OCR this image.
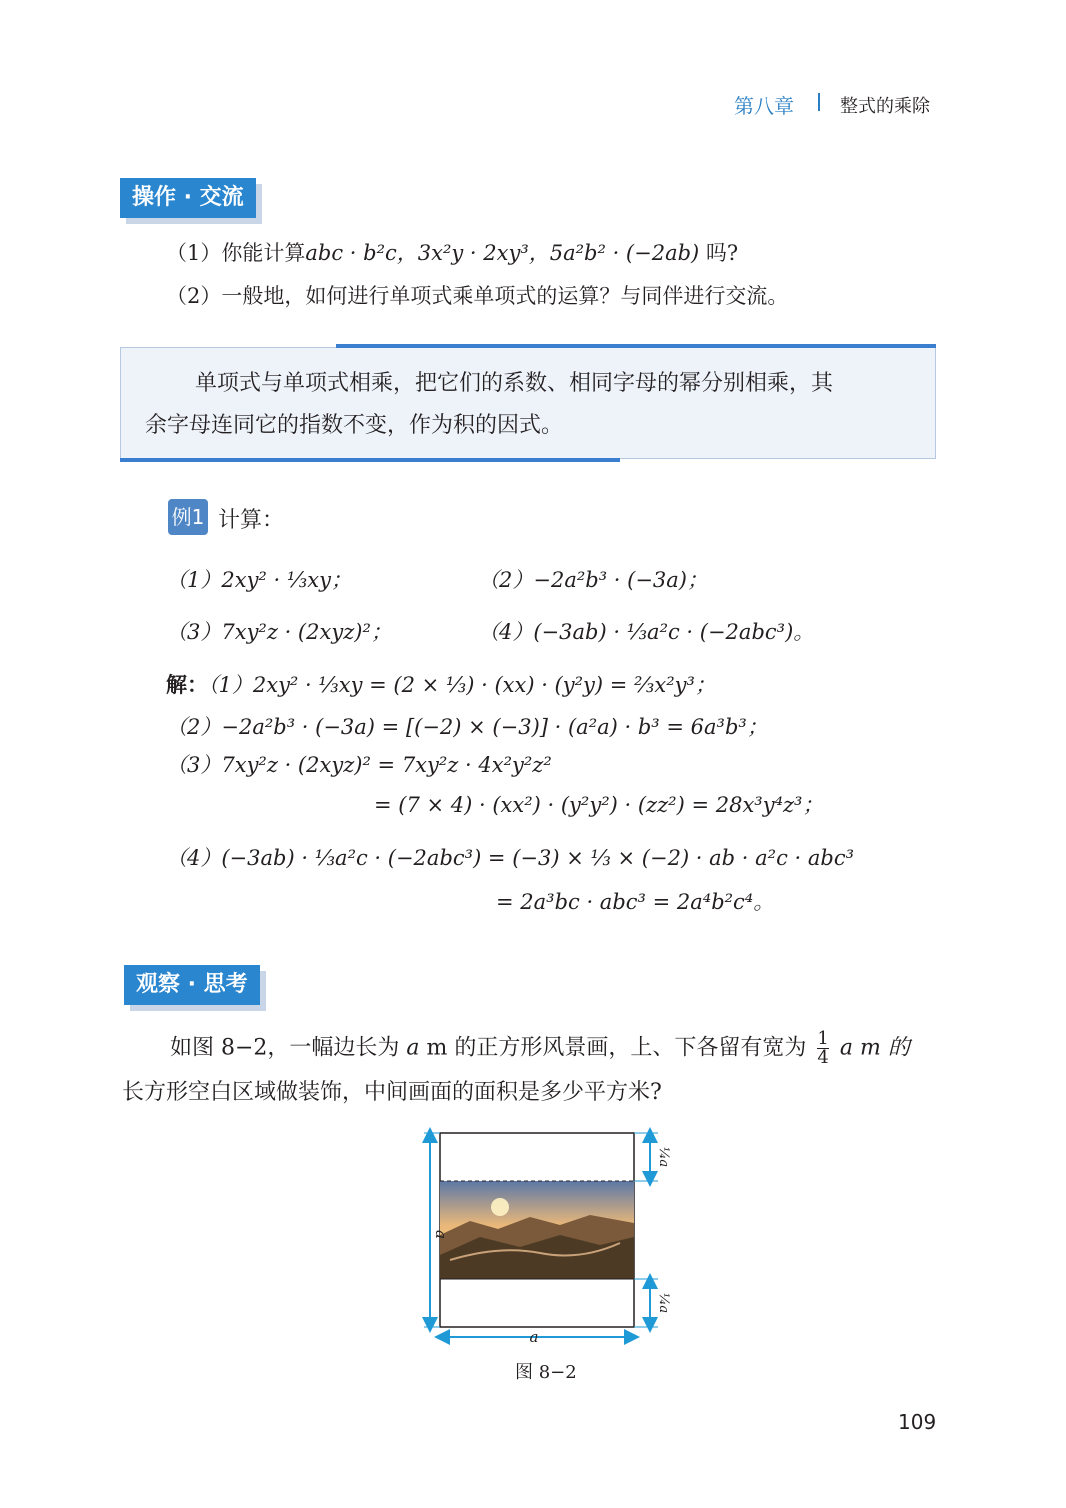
第八章	整式的乘除
操作 · 交流
（1）你能计算abc · b²c，3x²y · 2xy³，5a²b² · (−2ab) 吗?
（2）一般地，如何进行单项式乘单项式的运算？与同伴进行交流。
单项式与单项式相乘，把它们的系数、相同字母的幂分别相乘，其
余字母连同它的指数不变，作为积的因式。
例1 计算：
（1）2xy² · ⅓xy；	（2）−2a²b³ · (−3a)；
（3）7xy²z · (2xyz)²；	（4）(−3ab) · ⅓a²c · (−2abc³)。
解：（1）2xy² · ⅓xy = (2 × ⅓) · (xx) · (y²y) = ⅔x²y³；
（2）−2a²b³ · (−3a) = [(−2) × (−3)] · (a²a) · b³ = 6a³b³；
（3）7xy²z · (2xyz)² = 7xy²z · 4x²y²z²
= (7 × 4) · (xx²) · (y²y²) · (zz²) = 28x³y⁴z³；
（4）(−3ab) · ⅓a²c · (−2abc³) = (−3) × ⅓ × (−2) · ab · a²c · abc³
= 2a³bc · abc³ = 2a⁴b²c⁴。
观察 · 思考
如图 8−2，一幅边长为 a m 的正方形风景画，上、下各留有宽为 $\frac{1}{4}$ a m 的
长方形空白区域做装饰，中间画面的面积是多少平方米?
a
a
¼a
¼a
图 8−2
109
